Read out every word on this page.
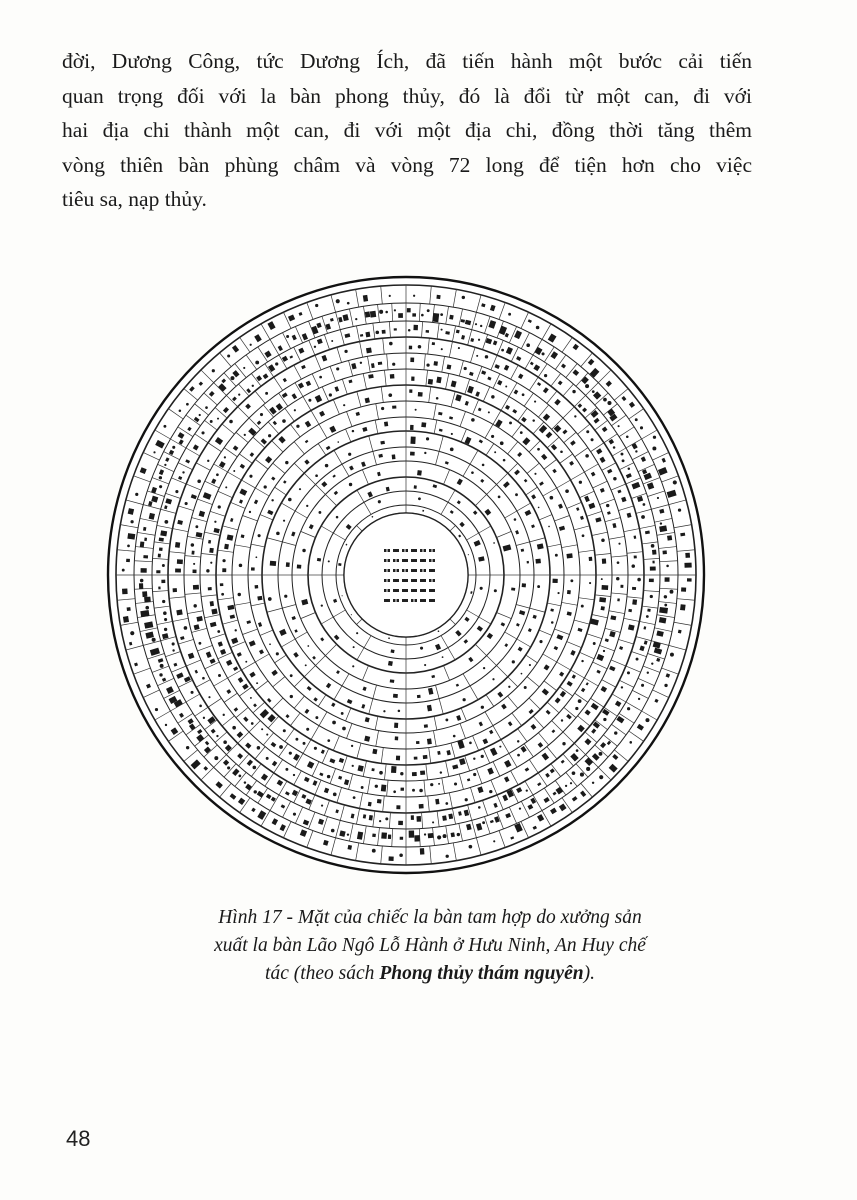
đời, Dương Công, tức Dương Ích, đã tiến hành một bước cải tiến
quan trọng đối với la bàn phong thủy, đó là đổi từ một can, đi với
hai địa chi thành một can, đi với một địa chi, đồng thời tăng thêm
vòng thiên bàn phùng châm và vòng 72 long để tiện hơn cho việc
tiêu sa, nạp thủy.
Hình 17 - Mặt của chiếc la bàn tam hợp do xưởng sản
xuất la bàn Lão Ngô Lỗ Hành ở Hưu Ninh, An Huy chế
tác (theo sách Phong thủy thám nguyên).
48
